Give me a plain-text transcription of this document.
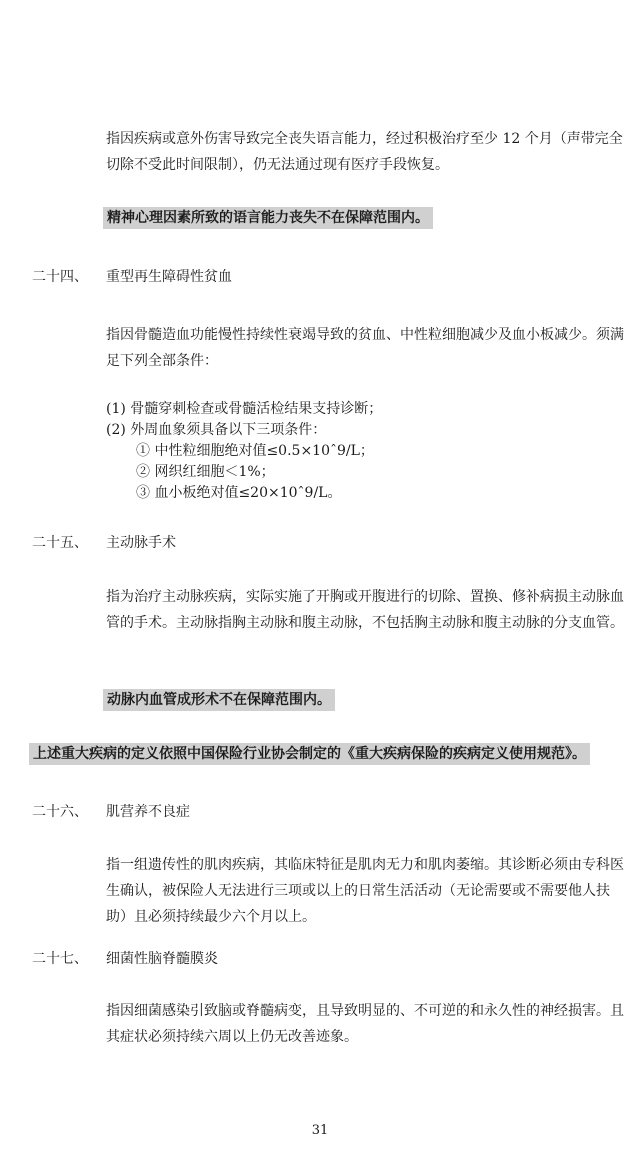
指因疾病或意外伤害导致完全丧失语言能力，经过积极治疗至少 12 个月（声带完全切除不受此时间限制），仍无法通过现有医疗手段恢复。

精神心理因素所致的语言能力丧失不在保障范围内。
二十四、 重型再生障碍性贫血

指因骨髓造血功能慢性持续性衰竭导致的贫血、中性粒细胞减少及血小板减少。须满足下列全部条件：

(1) 骨髓穿刺检查或骨髓活检结果支持诊断；
(2) 外周血象须具备以下三项条件：
① 中性粒细胞绝对值≤0.5×10ˆ9/L；
② 网织红细胞＜1%；
③ 血小板绝对值≤20×10ˆ9/L。
二十五、 主动脉手术

指为治疗主动脉疾病，实际实施了开胸或开腹进行的切除、置换、修补病损主动脉血管的手术。主动脉指胸主动脉和腹主动脉，不包括胸主动脉和腹主动脉的分支血管。

动脉内血管成形术不在保障范围内。
上述重大疾病的定义依照中国保险行业协会制定的《重大疾病保险的疾病定义使用规范》。
二十六、 肌营养不良症

指一组遗传性的肌肉疾病，其临床特征是肌肉无力和肌肉萎缩。其诊断必须由专科医生确认，被保险人无法进行三项或以上的日常生活活动（无论需要或不需要他人扶助）且必须持续最少六个月以上。

二十七、 细菌性脑脊髓膜炎

指因细菌感染引致脑或脊髓病变，且导致明显的、不可逆的和永久性的神经损害。且其症状必须持续六周以上仍无改善迹象。

31
